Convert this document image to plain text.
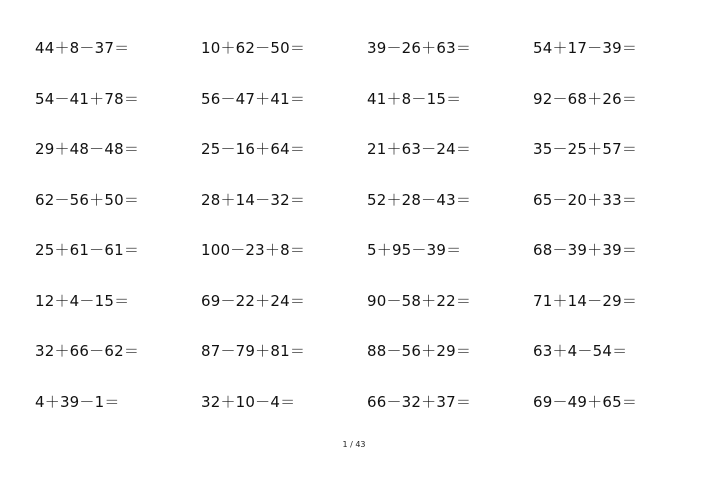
44＋8－37＝	10＋62－50＝	39－26＋63＝	54＋17－39＝
54－41＋78＝	56－47＋41＝	41＋8－15＝	92－68＋26＝
29＋48－48＝	25－16＋64＝	21＋63－24＝	35－25＋57＝
62－56＋50＝	28＋14－32＝	52＋28－43＝	65－20＋33＝
25＋61－61＝	100－23＋8＝	5＋95－39＝	68－39＋39＝
12＋4－15＝	69－22＋24＝	90－58＋22＝	71＋14－29＝
32＋66－62＝	87－79＋81＝	88－56＋29＝	63＋4－54＝
4＋39－1＝	32＋10－4＝	66－32＋37＝	69－49＋65＝
1 / 43
